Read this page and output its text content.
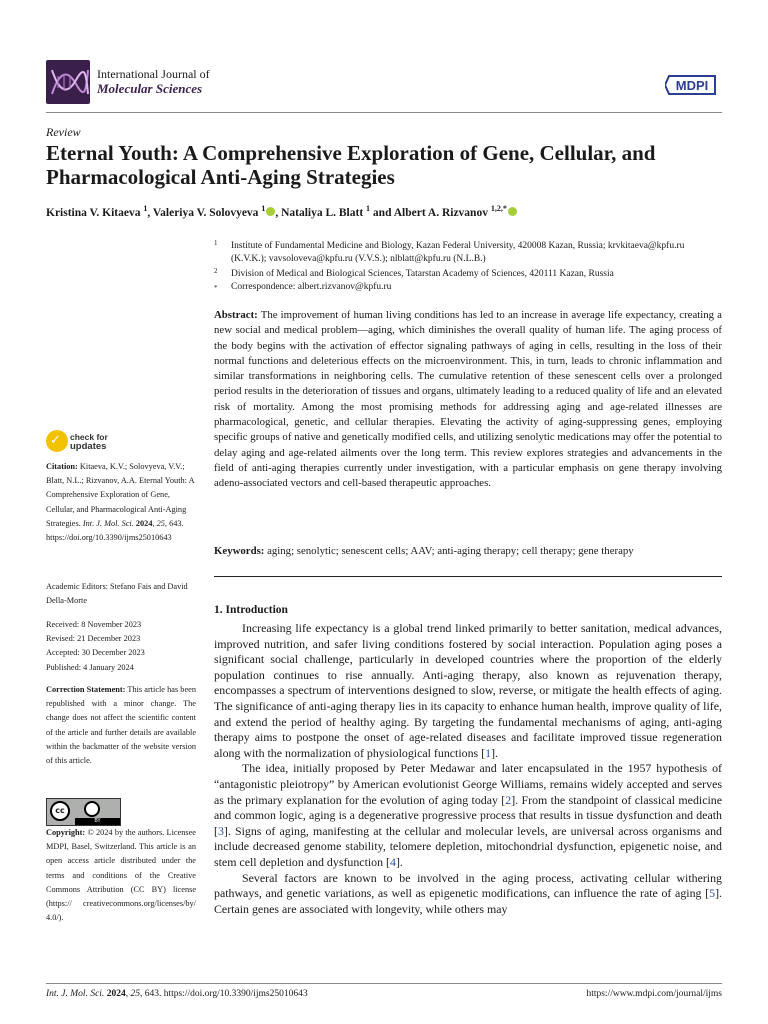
International Journal of
Molecular Sciences	MDPI
Review
Eternal Youth: A Comprehensive Exploration of Gene, Cellular, and Pharmacological Anti-Aging Strategies
Kristina V. Kitaeva $^1$, Valeriya V. Solovyeva $^1$ , Nataliya L. Blatt $^1$ and Albert A. Rizvanov $^{1,2,*}$
1 Institute of Fundamental Medicine and Biology, Kazan Federal University, 420008 Kazan, Russia; krvkitaeva@kpfu.ru (K.V.K.); vavsoloveva@kpfu.ru (V.V.S.); nlblatt@kpfu.ru (N.L.B.)
2 Division of Medical and Biological Sciences, Tatarstan Academy of Sciences, 420111 Kazan, Russia
* Correspondence: albert.rizvanov@kpfu.ru
Abstract: The improvement of human living conditions has led to an increase in average life expectancy, creating a new social and medical problem—aging, which diminishes the overall quality of human life. The aging process of the body begins with the activation of effector signaling pathways of aging in cells, resulting in the loss of their normal functions and deleterious effects on the microenvironment. This, in turn, leads to chronic inflammation and similar transformations in neighboring cells. The cumulative retention of these senescent cells over a prolonged period results in the deterioration of tissues and organs, ultimately leading to a reduced quality of life and an elevated risk of mortality. Among the most promising methods for addressing aging and age-related illnesses are pharmacological, genetic, and cellular therapies. Elevating the activity of aging-suppressing genes, employing specific groups of native and genetically modified cells, and utilizing senolytic medications may offer the potential to delay aging and age-related ailments over the long term. This review explores strategies and advancements in the field of anti-aging therapies currently under investigation, with a particular emphasis on gene therapy involving adeno-associated vectors and cell-based therapeutic approaches.
Keywords: aging; senolytic; senescent cells; AAV; anti-aging therapy; cell therapy; gene therapy
1. Introduction

Increasing life expectancy is a global trend linked primarily to better sanitation, medical advances, improved nutrition, and safer living conditions fostered by social interaction. Population aging poses a significant social challenge, particularly in developed countries where the proportion of the elderly population continues to rise annually. Anti-aging therapy, also known as rejuvenation therapy, encompasses a spectrum of interventions designed to slow, reverse, or mitigate the health effects of aging. The significance of anti-aging therapy lies in its capacity to enhance human health, improve quality of life, and extend the period of healthy aging. By targeting the fundamental mechanisms of aging, anti-aging therapy aims to postpone the onset of age-related diseases and facilitate improved tissue regeneration along with the normalization of physiological functions [1].

The idea, initially proposed by Peter Medawar and later encapsulated in the 1957 hypothesis of “antagonistic pleiotropy” by American evolutionist George Williams, remains widely accepted and serves as the primary explanation for the evolution of aging today [2]. From the standpoint of classical medicine and common logic, aging is a degenerative progressive process that results in tissue dysfunction and death [3]. Signs of aging, manifesting at the cellular and molecular levels, are universal across organisms and include decreased genome stability, telomere depletion, mitochondrial dysfunction, epigenetic noise, and stem cell depletion and dysfunction [4].

Several factors are known to be involved in the aging process, activating cellular withering pathways, and genetic variations, as well as epigenetic modifications, can influence the rate of aging [5]. Certain genes are associated with longevity, while others may

✓ check for
updates
Citation: Kitaeva, K.V.; Solovyeva, V.V.; Blatt, N.L.; Rizvanov, A.A. Eternal Youth: A Comprehensive Exploration of Gene, Cellular, and Pharmacological Anti-Aging Strategies. Int. J. Mol. Sci. 2024, 25, 643. https://doi.org/10.3390/ijms25010643
Academic Editors: Stefano Fais and David Della-Morte
Received: 8 November 2023
Revised: 21 December 2023
Accepted: 30 December 2023
Published: 4 January 2024
Correction Statement: This article has been republished with a minor change. The change does not affect the scientific content of the article and further details are available within the backmatter of the website version of this article.
cc
BY
Copyright: © 2024 by the authors. Licensee MDPI, Basel, Switzerland. This article is an open access article distributed under the terms and conditions of the Creative Commons Attribution (CC BY) license (https:// creativecommons.org/licenses/by/ 4.0/).
Int. J. Mol. Sci. 2024, 25, 643. https://doi.org/10.3390/ijms25010643	https://www.mdpi.com/journal/ijms
